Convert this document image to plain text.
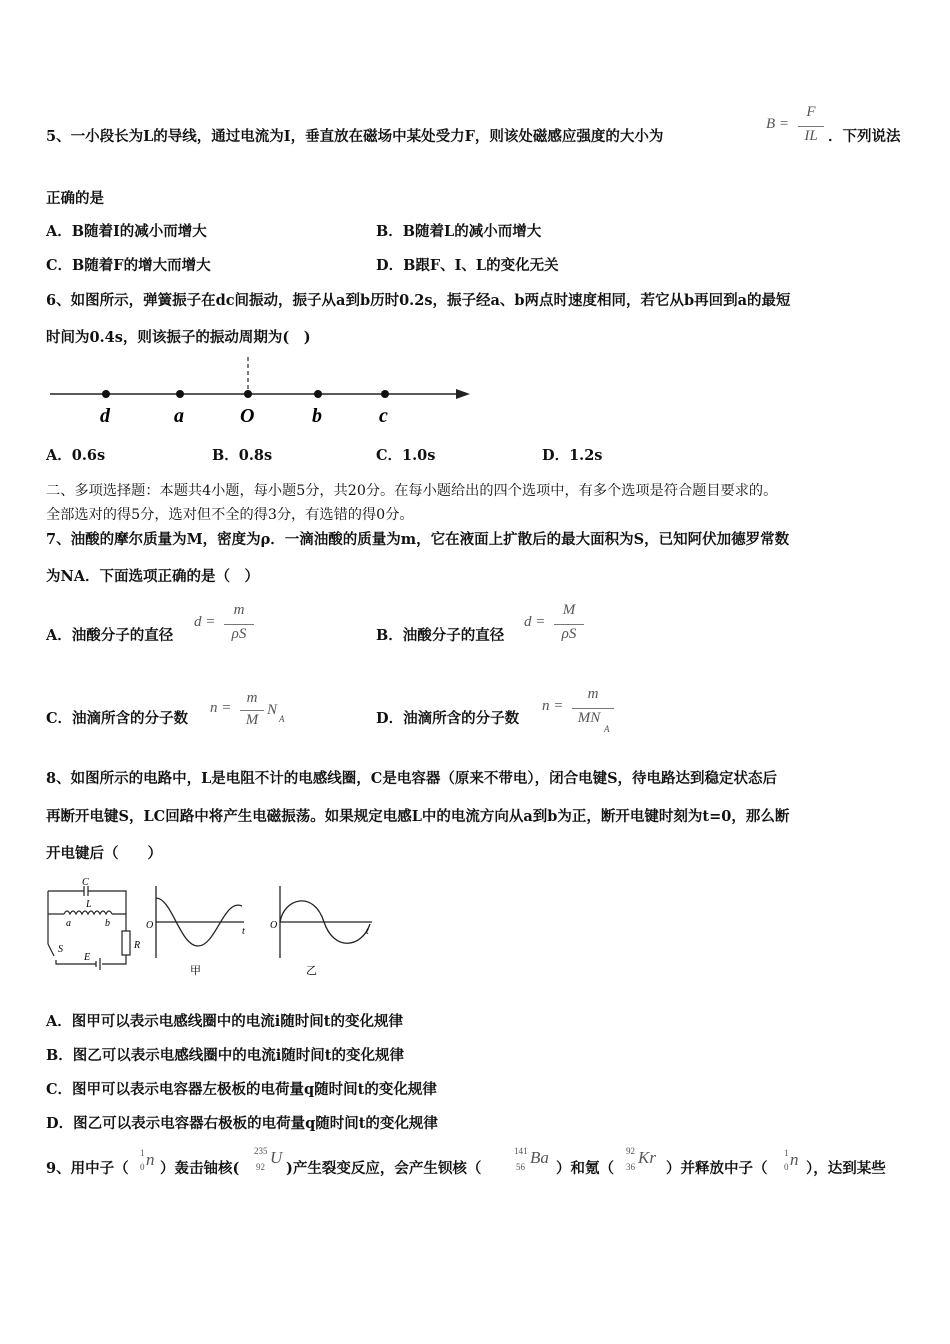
5、一小段长为L的导线，通过电流为I，垂直放在磁场中某处受力F，则该处磁感应强度的大小为
B =
F
IL ．下列说法
正确的是
A．B随着I的减小而增大	B．B随着L的减小而增大
C．B随着F的增大而增大	D．B跟F、I、L的变化无关
6、如图所示，弹簧振子在dc间振动，振子从a到b历时0.2s，振子经a、b两点时速度相同，若它从b再回到a的最短
时间为0.4s，则该振子的振动周期为(　)
d	a	O	b	c
A．0.6s	B．0.8s	C．1.0s	D．1.2s
二、多项选择题：本题共4小题，每小题5分，共20分。在每小题给出的四个选项中，有多个选项是符合题目要求的。
全部选对的得5分，选对但不全的得3分，有选错的得0分。
7、油酸的摩尔质量为M，密度为ρ．一滴油酸的质量为m，它在液面上扩散后的最大面积为S，已知阿伏加德罗常数
为NA．下面选项正确的是（　）
A．油酸分子的直径
d =
m
ρS	B．油酸分子的直径
d =
M
ρS
C．油滴所含的分子数
n =
m
M
N
A	D．油滴所含的分子数
n =
m
MN
A
8、如图所示的电路中，L是电阻不计的电感线圈，C是电容器（原来不带电），闭合电键S，待电路达到稳定状态后
再断开电键S，LC回路中将产生电磁振荡。如果规定电感L中的电流方向从a到b为正，断开电键时刻为t=0，那么断
开电键后（　　）
C
L
a	b
R
S
E
O
t
甲
O
t
乙
A．图甲可以表示电感线圈中的电流i随时间t的变化规律
B．图乙可以表示电感线圈中的电流i随时间t的变化规律
C．图甲可以表示电容器左极板的电荷量q随时间t的变化规律
D．图乙可以表示电容器右极板的电荷量q随时间t的变化规律
9、用中子（
1
0 n ）轰击铀核(
235
92 U
)产生裂变反应，会产生钡核（
141
56 Ba
）和氪（
92
36 Kr
）并释放中子（
1
0 n ），达到某些
